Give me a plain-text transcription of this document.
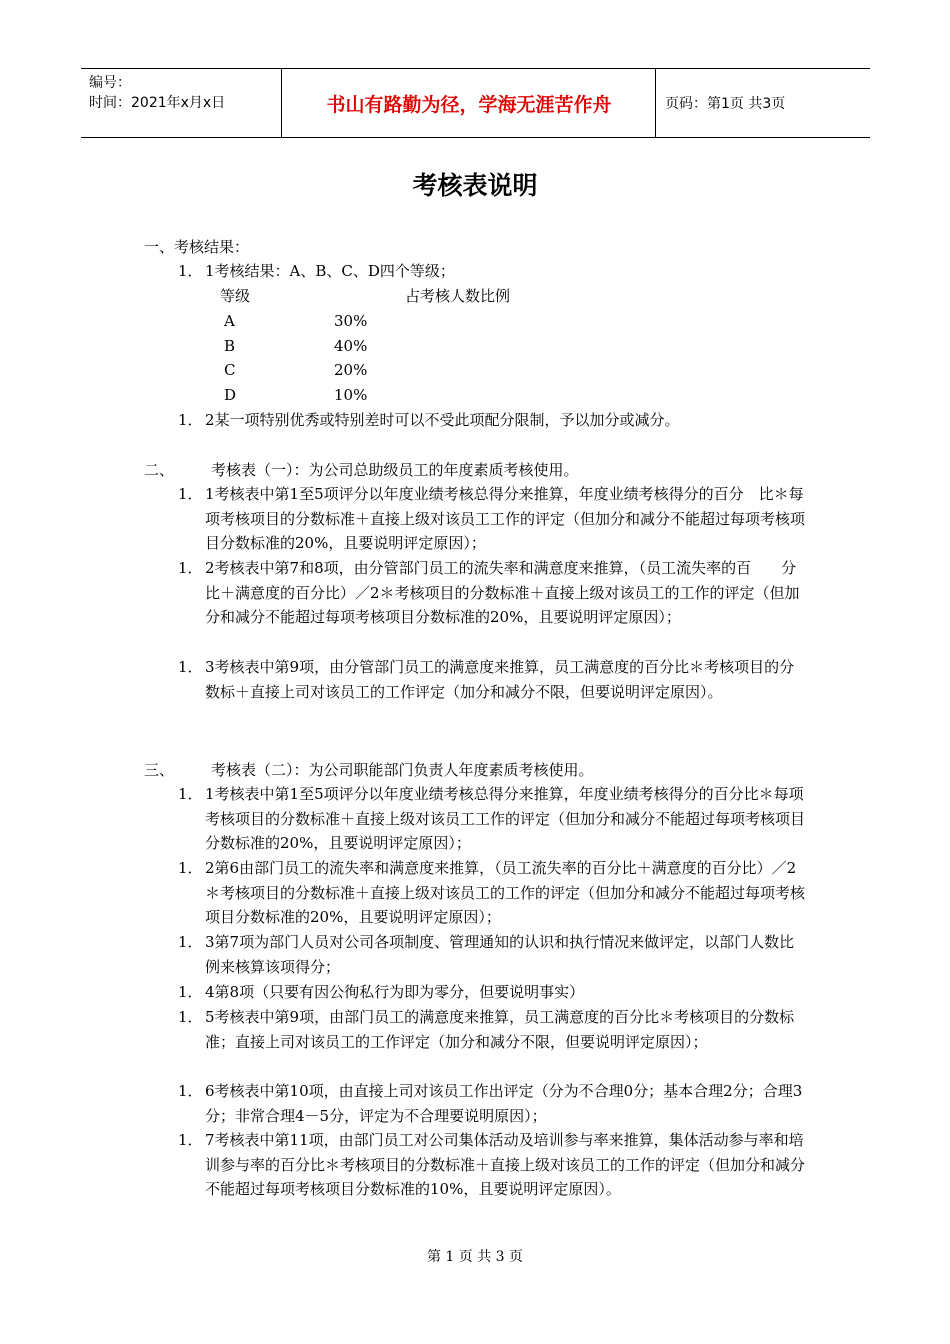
编号：
时间：2021年x月x日	书山有路勤为径，学海无涯苦作舟	页码：第1页 共3页
考核表说明
一、考核结果：
1． 1考核结果：A、B、C、D四个等级；
等级	占考核人数比例
A	30%
B	40%
C	20%
D	10%
1． 2某一项特别优秀或特别差时可以不受此项配分限制，予以加分或减分。
二、 考核表（一）：为公司总助级员工的年度素质考核使用。
1． 1考核表中第1至5项评分以年度业绩考核总得分来推算，年度业绩考核得分的百分　比＊每项考核项目的分数标准＋直接上级对该员工工作的评定（但加分和减分不能超过每项考核项目分数标准的20%，且要说明评定原因）；
1． 2考核表中第7和8项，由分管部门员工的流失率和满意度来推算，（员工流失率的百　　分比＋满意度的百分比）／2＊考核项目的分数标准＋直接上级对该员工的工作的评定（但加分和减分不能超过每项考核项目分数标准的20%，且要说明评定原因）；
1． 3考核表中第9项，由分管部门员工的满意度来推算，员工满意度的百分比＊考核项目的分数标＋直接上司对该员工的工作评定（加分和减分不限，但要说明评定原因）。
三、 考核表（二）：为公司职能部门负责人年度素质考核使用。
1． 1考核表中第1至5项评分以年度业绩考核总得分来推算，年度业绩考核得分的百分比＊每项考核项目的分数标准＋直接上级对该员工工作的评定（但加分和减分不能超过每项考核项目分数标准的20%，且要说明评定原因）；
1． 2第6由部门员工的流失率和满意度来推算，（员工流失率的百分比＋满意度的百分比）／2＊考核项目的分数标准＋直接上级对该员工的工作的评定（但加分和减分不能超过每项考核项目分数标准的20%，且要说明评定原因）；
1． 3第7项为部门人员对公司各项制度、管理通知的认识和执行情况来做评定，以部门人数比例来核算该项得分；
1． 4第8项（只要有因公徇私行为即为零分，但要说明事实）
1． 5考核表中第9项，由部门员工的满意度来推算，员工满意度的百分比＊考核项目的分数标准；直接上司对该员工的工作评定（加分和减分不限，但要说明评定原因）；
1． 6考核表中第10项，由直接上司对该员工作出评定（分为不合理0分；基本合理2分；合理3分；非常合理4－5分，评定为不合理要说明原因）；
1． 7考核表中第11项，由部门员工对公司集体活动及培训参与率来推算，集体活动参与率和培训参与率的百分比＊考核项目的分数标准＋直接上级对该员工的工作的评定（但加分和减分不能超过每项考核项目分数标准的10%，且要说明评定原因）。
第 1 页 共 3 页
